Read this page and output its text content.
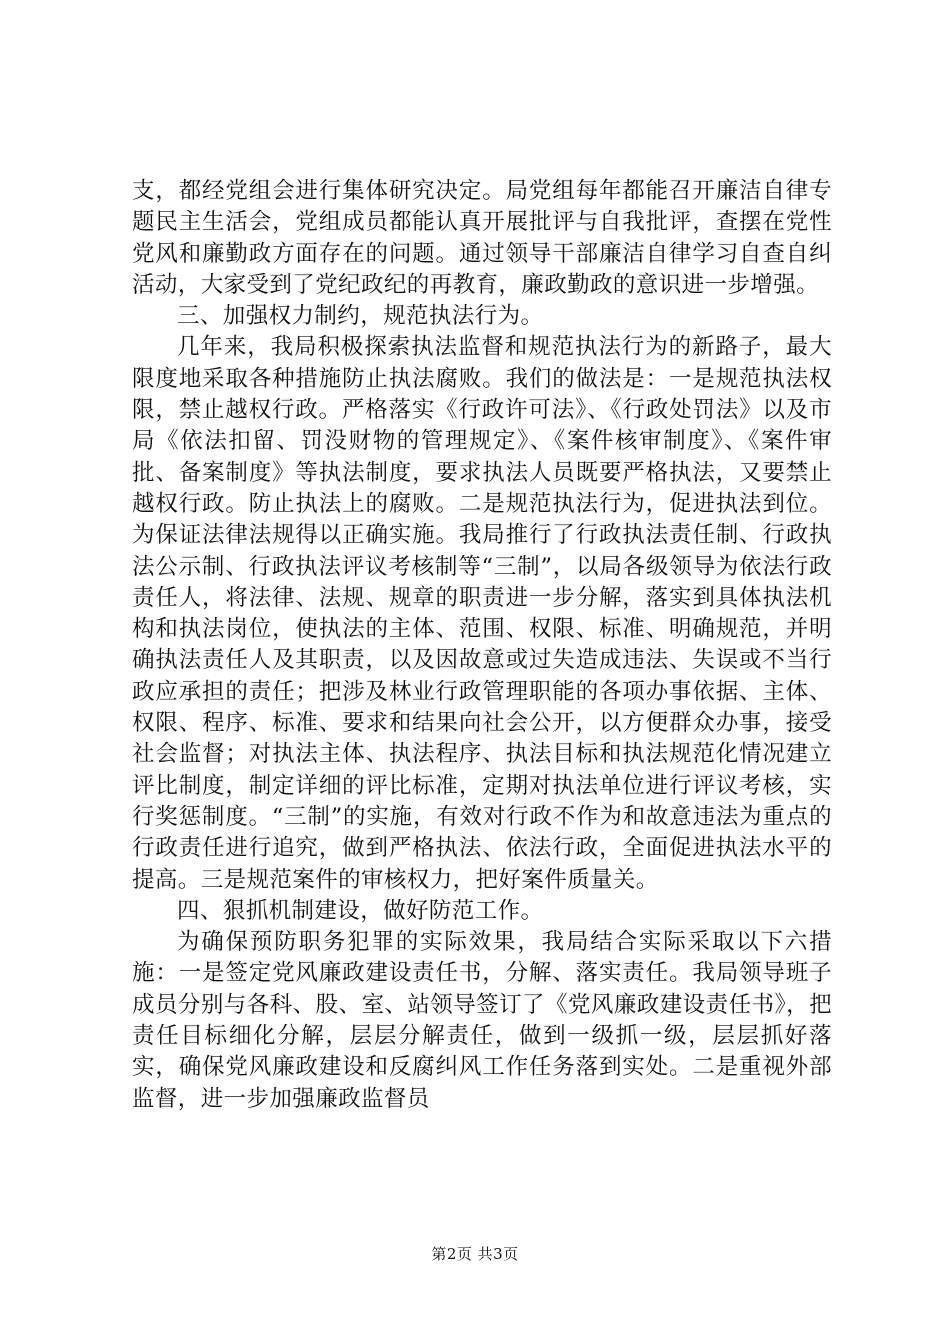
支，都经党组会进行集体研究决定。局党组每年都能召开廉洁自律专题民主生活会，党组成员都能认真开展批评与自我批评，查摆在党性党风和廉勤政方面存在的问题。通过领导干部廉洁自律学习自查自纠活动，大家受到了党纪政纪的再教育，廉政勤政的意识进一步增强。

三、加强权力制约，规范执法行为。

几年来，我局积极探索执法监督和规范执法行为的新路子，最大限度地采取各种措施防止执法腐败。我们的做法是：一是规范执法权限，禁止越权行政。严格落实《行政许可法》、《行政处罚法》以及市局《依法扣留、罚没财物的管理规定》、《案件核审制度》、《案件审批、备案制度》等执法制度，要求执法人员既要严格执法，又要禁止越权行政。防止执法上的腐败。二是规范执法行为，促进执法到位。为保证法律法规得以正确实施。我局推行了行政执法责任制、行政执法公示制、行政执法评议考核制等“三制”，以局各级领导为依法行政责任人，将法律、法规、规章的职责进一步分解，落实到具体执法机构和执法岗位，使执法的主体、范围、权限、标准、明确规范，并明确执法责任人及其职责，以及因故意或过失造成违法、失误或不当行政应承担的责任；把涉及林业行政管理职能的各项办事依据、主体、权限、程序、标准、要求和结果向社会公开，以方便群众办事，接受社会监督；对执法主体、执法程序、执法目标和执法规范化情况建立评比制度，制定详细的评比标准，定期对执法单位进行评议考核，实行奖惩制度。“三制”的实施，有效对行政不作为和故意违法为重点的行政责任进行追究，做到严格执法、依法行政，全面促进执法水平的提高。三是规范案件的审核权力，把好案件质量关。

四、狠抓机制建设，做好防范工作。

为确保预防职务犯罪的实际效果，我局结合实际采取以下六措施：一是签定党风廉政建设责任书，分解、落实责任。我局领导班子成员分别与各科、股、室、站领导签订了《党风廉政建设责任书》，把责任目标细化分解，层层分解责任，做到一级抓一级，层层抓好落实，确保党风廉政建设和反腐纠风工作任务落到实处。二是重视外部监督，进一步加强廉政监督员

第2页 共3页
